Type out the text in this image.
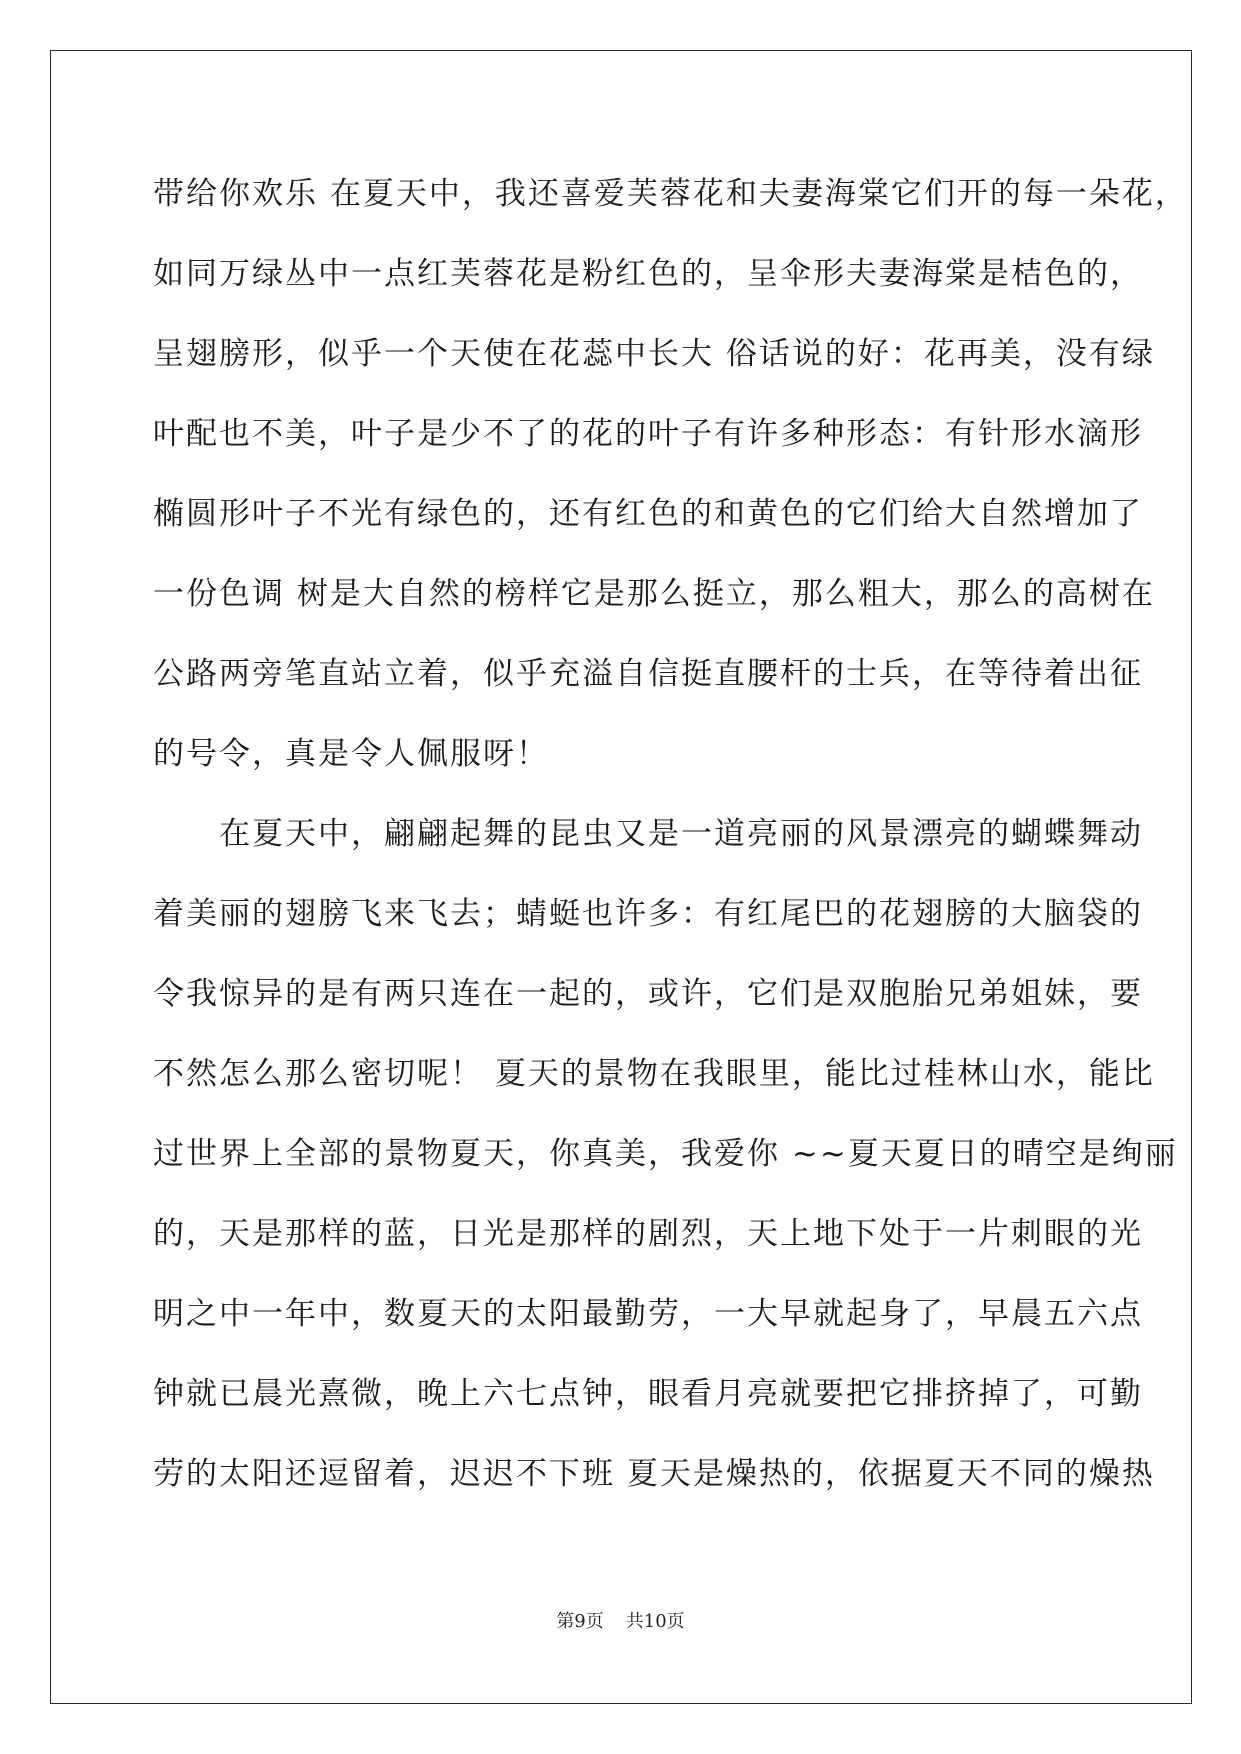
带给你欢乐 在夏天中，我还喜爱芙蓉花和夫妻海棠它们开的每一朵花，
如同万绿丛中一点红芙蓉花是粉红色的，呈伞形夫妻海棠是桔色的，
呈翅膀形，似乎一个天使在花蕊中长大 俗话说的好：花再美，没有绿
叶配也不美，叶子是少不了的花的叶子有许多种形态：有针形水滴形
椭圆形叶子不光有绿色的，还有红色的和黄色的它们给大自然增加了
一份色调 树是大自然的榜样它是那么挺立，那么粗大，那么的高树在
公路两旁笔直站立着，似乎充溢自信挺直腰杆的士兵，在等待着出征
的号令，真是令人佩服呀！
　　在夏天中，翩翩起舞的昆虫又是一道亮丽的风景漂亮的蝴蝶舞动
着美丽的翅膀飞来飞去；蜻蜓也许多：有红尾巴的花翅膀的大脑袋的
令我惊异的是有两只连在一起的，或许，它们是双胞胎兄弟姐妹，要
不然怎么那么密切呢！ 夏天的景物在我眼里，能比过桂林山水，能比
过世界上全部的景物夏天，你真美，我爱你 ~~夏天夏日的晴空是绚丽
的，天是那样的蓝，日光是那样的剧烈，天上地下处于一片刺眼的光
明之中一年中，数夏天的太阳最勤劳，一大早就起身了，早晨五六点
钟就已晨光熹微，晚上六七点钟，眼看月亮就要把它排挤掉了，可勤
劳的太阳还逗留着，迟迟不下班 夏天是燥热的，依据夏天不同的燥热
第9页 共10页
